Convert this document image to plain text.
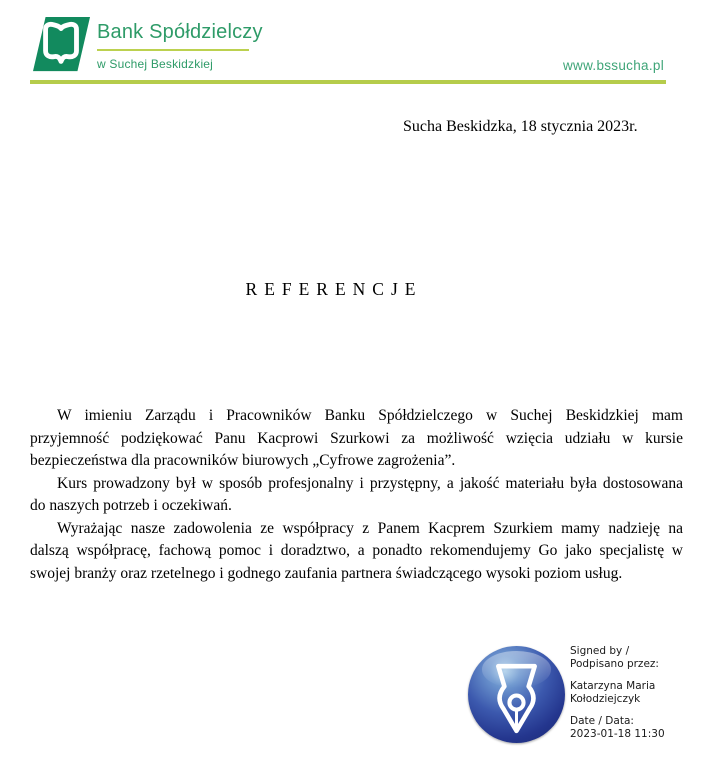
Bank Spółdzielczy
w Suchej Beskidzkiej	www.bssucha.pl
Sucha Beskidzka, 18 stycznia 2023r.
REFERENCJE
W imieniu Zarządu i Pracowników Banku Spółdzielczego w Suchej Beskidzkiej mam
przyjemność podziękować Panu Kacprowi Szurkowi za możliwość wzięcia udziału w kursie
bezpieczeństwa dla pracowników biurowych „Cyfrowe zagrożenia”.
Kurs prowadzony był w sposób profesjonalny i przystępny, a jakość materiału była dostosowana
do naszych potrzeb i oczekiwań.
Wyrażając nasze zadowolenia ze współpracy z Panem Kacprem Szurkiem mamy nadzieję na
dalszą współpracę, fachową pomoc i doradztwo, a ponadto rekomendujemy Go jako specjalistę w
swojej branży oraz rzetelnego i godnego zaufania partnera świadczącego wysoki poziom usług.
Signed by /
Podpisano przez:
Katarzyna Maria
Kołodziejczyk
Date / Data:
2023-01-18 11:30
